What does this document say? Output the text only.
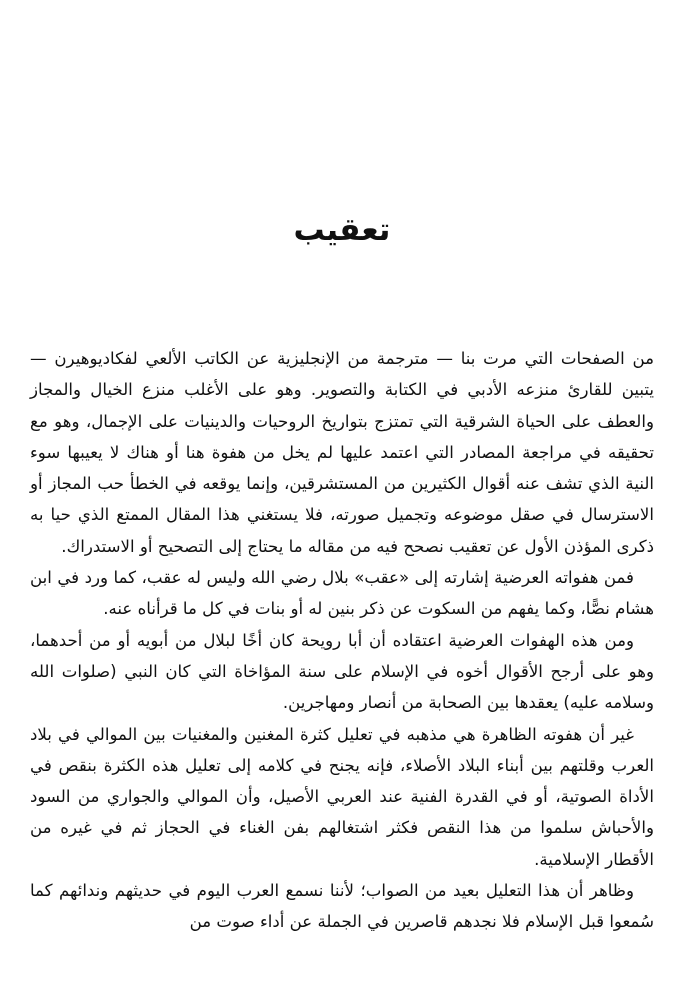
تعقيب

من الصفحات التي مرت بنا — مترجمة من الإنجليزية عن الكاتب الألعي لفكاديوهيرن — يتبين للقارئ منزعه الأدبي في الكتابة والتصوير. وهو على الأغلب منزع الخيال والمجاز والعطف على الحياة الشرقية التي تمتزج بتواريخ الروحيات والدينيات على الإجمال، وهو مع تحقيقه في مراجعة المصادر التي اعتمد عليها لم يخل من هفوة هنا أو هناك لا يعيبها سوء النية الذي تشف عنه أقوال الكثيرين من المستشرقين، وإنما يوقعه في الخطأ حب المجاز أو الاسترسال في صقل موضوعه وتجميل صورته، فلا يستغني هذا المقال الممتع الذي حيا به ذكرى المؤذن الأول عن تعقيب نصحح فيه من مقاله ما يحتاج إلى التصحيح أو الاستدراك.

فمن هفواته العرضية إشارته إلى «عقب» بلال رضي الله وليس له عقب، كما ورد في ابن هشام نصًّا، وكما يفهم من السكوت عن ذكر بنين له أو بنات في كل ما قرأناه عنه.

ومن هذه الهفوات العرضية اعتقاده أن أبا رويحة كان أخًا لبلال من أبويه أو من أحدهما، وهو على أرجح الأقوال أخوه في الإسلام على سنة المؤاخاة التي كان النبي (صلوات الله وسلامه عليه) يعقدها بين الصحابة من أنصار ومهاجرين.

غير أن هفوته الظاهرة هي مذهبه في تعليل كثرة المغنين والمغنيات بين الموالي في بلاد العرب وقلتهم بين أبناء البلاد الأصلاء، فإنه يجنح في كلامه إلى تعليل هذه الكثرة بنقص في الأداة الصوتية، أو في القدرة الفنية عند العربي الأصيل، وأن الموالي والجواري من السود والأحباش سلموا من هذا النقص فكثر اشتغالهم بفن الغناء في الحجاز ثم في غيره من الأقطار الإسلامية.

وظاهر أن هذا التعليل بعيد من الصواب؛ لأننا نسمع العرب اليوم في حديثهم وندائهم كما سُمعوا قبل الإسلام فلا نجدهم قاصرين في الجملة عن أداء صوت من
